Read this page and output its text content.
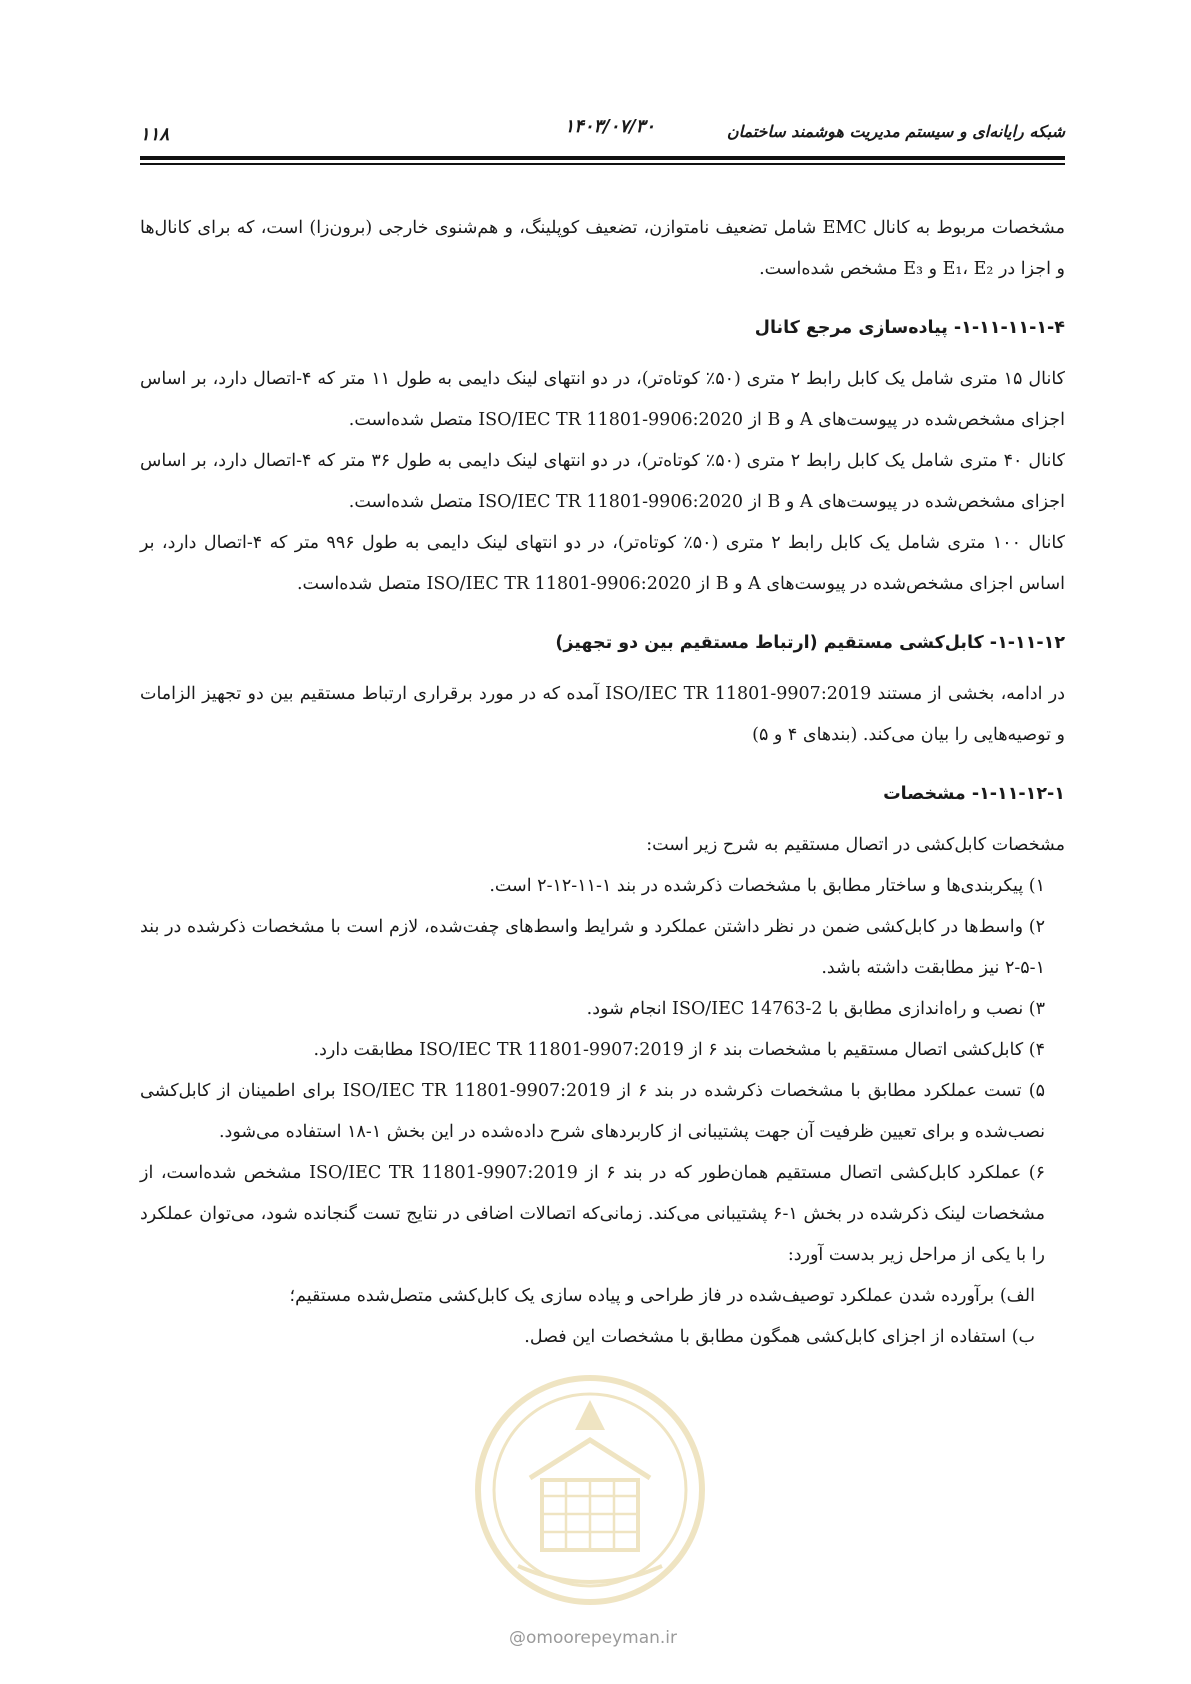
شبکه رایانه‌ای و سیستم مدیریت هوشمند ساختمان
۱۴۰۳/۰۷/۳۰
۱۱۸

مشخصات مربوط به کانال EMC شامل تضعیف نامتوازن، تضعیف کوپلینگ، و هم‌شنوی خارجی (برون‌زا) است، که برای کانال‌ها و اجزا در E₁، E₂ و E₃ مشخص شده‌است.

۱-۱۱-۱۱-۱-۴- پیاده‌سازی مرجع کانال

کانال ۱۵ متری شامل یک کابل رابط ۲ متری (۵۰٪ کوتاه‌تر)، در دو انتهای لینک دایمی به طول ۱۱ متر که ۴-اتصال دارد، بر اساس اجزای مشخص‌شده در پیوست‌های A و B از ISO/IEC TR 11801-9906:2020 متصل شده‌است.

کانال ۴۰ متری شامل یک کابل رابط ۲ متری (۵۰٪ کوتاه‌تر)، در دو انتهای لینک دایمی به طول ۳۶ متر که ۴-اتصال دارد، بر اساس اجزای مشخص‌شده در پیوست‌های A و B از ISO/IEC TR 11801-9906:2020 متصل شده‌است.

کانال ۱۰۰ متری شامل یک کابل رابط ۲ متری (۵۰٪ کوتاه‌تر)، در دو انتهای لینک دایمی به طول ۹۹۶ متر که ۴-اتصال دارد، بر اساس اجزای مشخص‌شده در پیوست‌های A و B از ISO/IEC TR 11801-9906:2020 متصل شده‌است.

۱-۱۱-۱۲- کابل‌کشی مستقیم (ارتباط مستقیم بین دو تجهیز)

در ادامه، بخشی از مستند ISO/IEC TR 11801-9907:2019 آمده که در مورد برقراری ارتباط مستقیم بین دو تجهیز الزامات و توصیه‌هایی را بیان می‌کند. (بندهای ۴ و ۵)

۱-۱۱-۱۲-۱- مشخصات

مشخصات کابل‌کشی در اتصال مستقیم به شرح زیر است:

۱) پیکربندی‌ها و ساختار مطابق با مشخصات ذکرشده در بند ۱-۱۱-۱۲-۲ است.

۲) واسط‌ها در کابل‌کشی ضمن در نظر داشتن عملکرد و شرایط واسط‌های چفت‌شده، لازم است با مشخصات ذکرشده در بند ۱-۵-۲ نیز مطابقت داشته باشد.

۳) نصب و راه‌اندازی مطابق با ISO/IEC 14763-2 انجام شود.

۴) کابل‌کشی اتصال مستقیم با مشخصات بند ۶ از ISO/IEC TR 11801-9907:2019 مطابقت دارد.

۵) تست عملکرد مطابق با مشخصات ذکرشده در بند ۶ از ISO/IEC TR 11801-9907:2019 برای اطمینان از کابل‌کشی نصب‌شده و برای تعیین ظرفیت آن جهت پشتیبانی از کاربردهای شرح داده‌شده در این بخش ۱-۱۸ استفاده می‌شود.

۶) عملکرد کابل‌کشی اتصال مستقیم همان‌طور که در بند ۶ از ISO/IEC TR 11801-9907:2019 مشخص شده‌است، از مشخصات لینک ذکرشده در بخش ۱-۶ پشتیبانی می‌کند. زمانی‌که اتصالات اضافی در نتایج تست گنجانده شود، می‌توان عملکرد را با یکی از مراحل زیر بدست آورد:

الف) برآورده شدن عملکرد توصیف‌شده در فاز طراحی و پیاده سازی یک کابل‌کشی متصل‌شده مستقیم؛

ب) استفاده از اجزای کابل‌کشی همگون مطابق با مشخصات این فصل.

@omoorepeyman.ir
